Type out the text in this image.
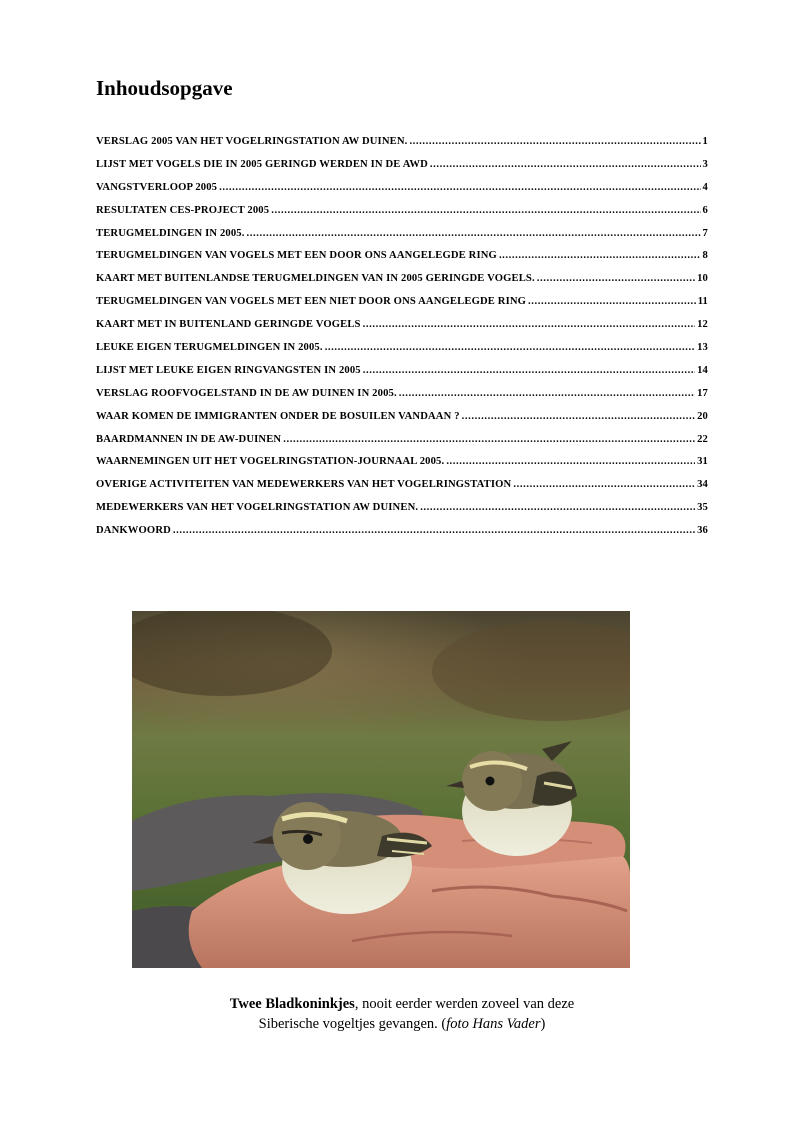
Inhoudsopgave
VERSLAG 2005 VAN HET VOGELRINGSTATION AW DUINEN. .....	1
LIJST MET VOGELS DIE IN 2005 GERINGD WERDEN IN DE AWD .....	3
VANGSTVERLOOP 2005 .....	4
RESULTATEN CES-PROJECT 2005 .....	6
TERUGMELDINGEN IN 2005. .....	7
TERUGMELDINGEN VAN VOGELS MET EEN DOOR ONS AANGELEGDE RING .....	8
KAART MET BUITENLANDSE TERUGMELDINGEN VAN IN 2005 GERINGDE VOGELS. .....	10
TERUGMELDINGEN VAN VOGELS MET EEN NIET DOOR ONS AANGELEGDE RING .....	11
KAART MET IN BUITENLAND GERINGDE VOGELS .....	12
LEUKE EIGEN TERUGMELDINGEN IN 2005. .....	13
LIJST MET LEUKE EIGEN RINGVANGSTEN IN 2005 .....	14
VERSLAG ROOFVOGELSTAND IN DE AW DUINEN IN 2005. .....	17
WAAR KOMEN DE IMMIGRANTEN ONDER DE BOSUILEN VANDAAN ? .....	20
BAARDMANNEN IN DE AW-DUINEN .....	22
WAARNEMINGEN UIT HET VOGELRINGSTATION-JOURNAAL 2005. .....	31
OVERIGE ACTIVITEITEN VAN MEDEWERKERS VAN HET VOGELRINGSTATION .....	34
MEDEWERKERS VAN HET VOGELRINGSTATION AW DUINEN. .....	35
DANKWOORD .....	36
Twee Bladkoninkjes, nooit eerder werden zoveel van deze
Siberische vogeltjes gevangen. (foto Hans Vader)
